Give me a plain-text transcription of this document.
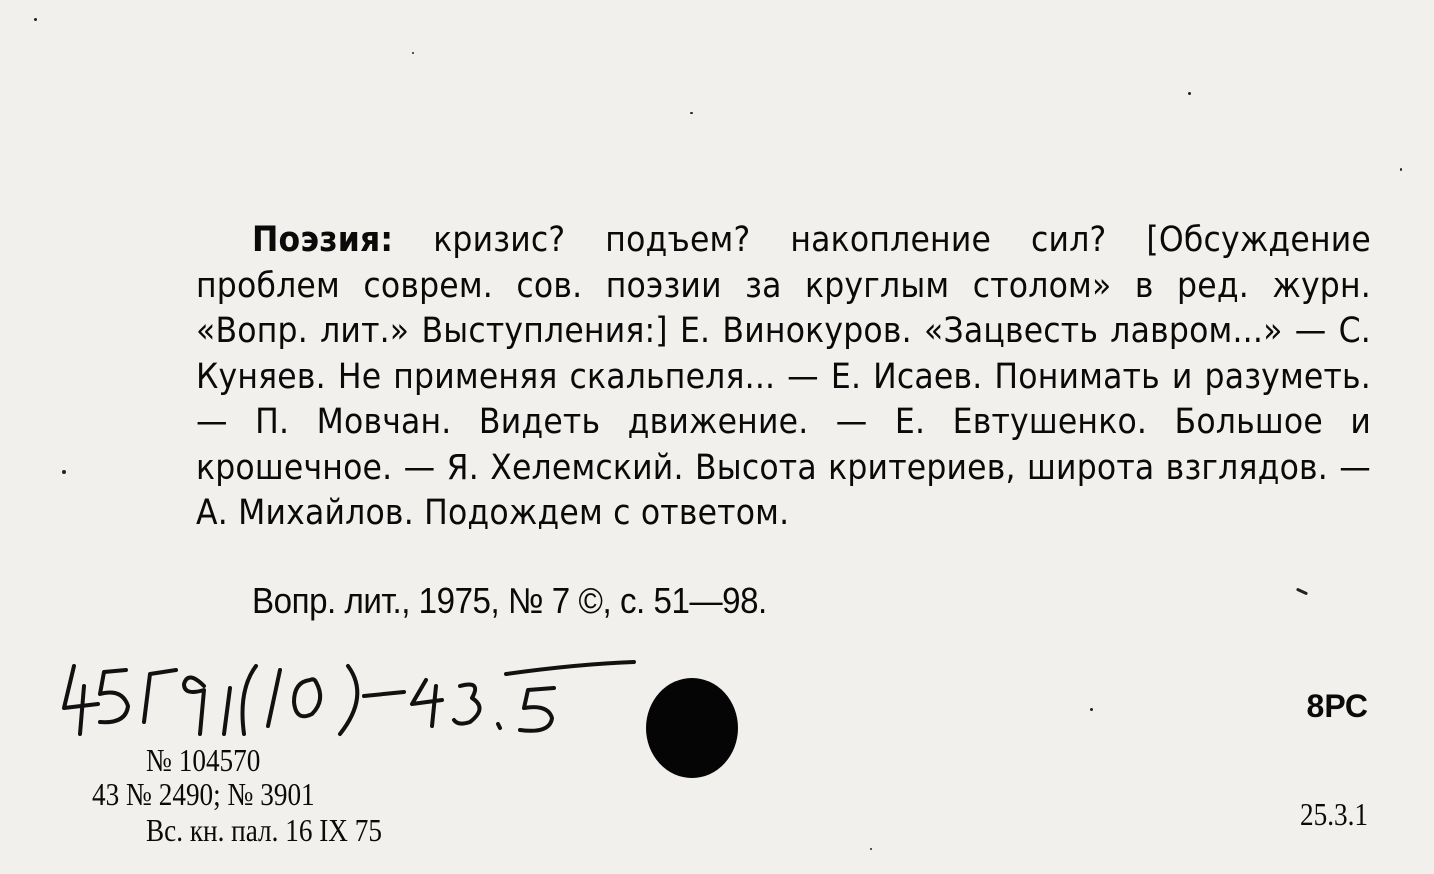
Поэзия: кризис? подъем? накопление сил? [Обсуждение проблем соврем. сов. поэзии за круглым столом» в ред. журн. «Вопр. лит.» Выступления:] Е. Винокуров. «Зацвесть лавром...» — С. Куняев. Не применяя скальпеля... — Е. Исаев. Понимать и разуметь. — П. Мовчан. Видеть движение. — Е. Евтушенко. Большое и крошечное. — Я. Хелемский. Высота критериев, широта взглядов. — А. Михайлов. Подождем с ответом.
Вопр. лит., 1975, № 7 ©, с. 51—98.
№ 104570
43 № 2490; № 3901
Вс. кн. пал. 16 IX 75
8РС
25.3.1
